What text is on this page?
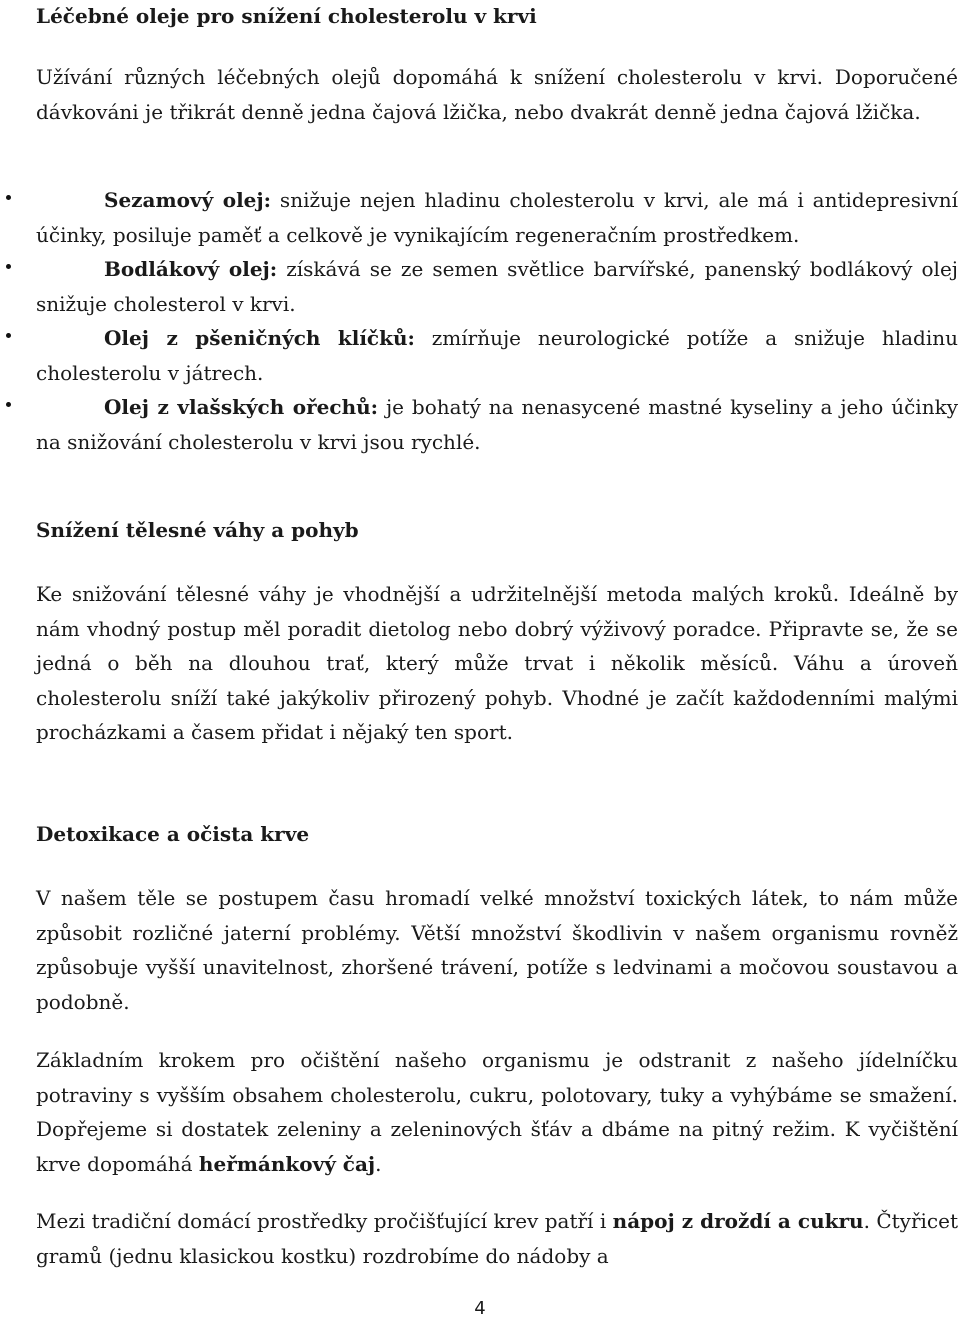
Léčebné oleje pro snížení cholesterolu v krvi

Užívání různých léčebných olejů dopomáhá k snížení cholesterolu v krvi. Doporučené dávkováni je třikrát denně jedna čajová lžička, nebo dvakrát denně jedna čajová lžička.

Sezamový olej: snižuje nejen hladinu cholesterolu v krvi, ale má i antidepresivní účinky, posiluje paměť a celkově je vynikajícím regeneračním prostředkem.
Bodlákový olej: získává se ze semen světlice barvířské, panenský bodlákový olej snižuje cholesterol v krvi.
Olej z pšeničných klíčků: zmírňuje neurologické potíže a snižuje hladinu cholesterolu v játrech.
Olej z vlašských ořechů: je bohatý na nenasycené mastné kyseliny a jeho účinky na snižování cholesterolu v krvi jsou rychlé.
Snížení tělesné váhy a pohyb

Ke snižování tělesné váhy je vhodnější a udržitelnější metoda malých kroků. Ideálně by nám vhodný postup měl poradit dietolog nebo dobrý výživový poradce. Připravte se, že se jedná o běh na dlouhou trať, který může trvat i několik měsíců. Váhu a úroveň cholesterolu sníží také jakýkoliv přirozený pohyb. Vhodné je začít každodenními malými procházkami a časem přidat i nějaký ten sport.

Detoxikace a očista krve

V našem těle se postupem času hromadí velké množství toxických látek, to nám může způsobit rozličné jaterní problémy. Větší množství škodlivin v našem organismu rovněž způsobuje vyšší unavitelnost, zhoršené trávení, potíže s ledvinami a močovou soustavou a podobně.

Základním krokem pro očištění našeho organismu je odstranit z našeho jídelníčku potraviny s vyšším obsahem cholesterolu, cukru, polotovary, tuky a vyhýbáme se smažení. Dopřejeme si dostatek zeleniny a zeleninových šťáv a dbáme na pitný režim. K vyčištění krve dopomáhá heřmánkový čaj.

Mezi tradiční domácí prostředky pročišťující krev patří i nápoj z droždí a cukru. Čtyřicet gramů (jednu klasickou kostku) rozdrobíme do nádoby a

4
